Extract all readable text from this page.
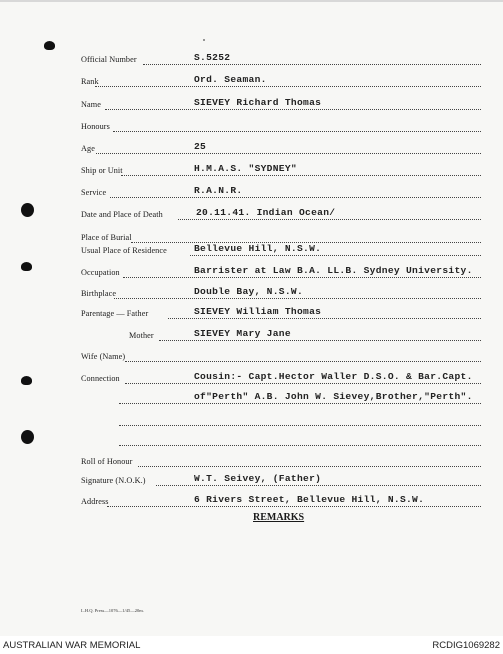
Official Number	S.5252
Rank	Ord. Seaman.
Name	SIEVEY Richard Thomas
Honours
Age	25
Ship or Unit	H.M.A.S. "SYDNEY"
Service	R.A.N.R.
Date and Place of Death	20.11.41. Indian Ocean/
Place of Burial
Usual Place of Residence	Bellevue Hill, N.S.W.
Occupation	Barrister at Law B.A. LL.B. Sydney University.
Birthplace	Double Bay, N.S.W.
Parentage — Father	SIEVEY William Thomas
Mother	SIEVEY Mary Jane
Wife (Name)
Connection	Cousin:- Capt.Hector Waller D.S.O. & Bar.Capt.
of"Perth" A.B. John W. Sievey,Brother,"Perth".
Roll of Honour
Signature (N.O.K.)	W.T. Seivey, (Father)
Address	6 Rivers Street, Bellevue Hill, N.S.W.
REMARKS
L.H.Q. Press—1076—1/45—20m.
AUSTRALIAN WAR MEMORIAL	RCDIG1069282
